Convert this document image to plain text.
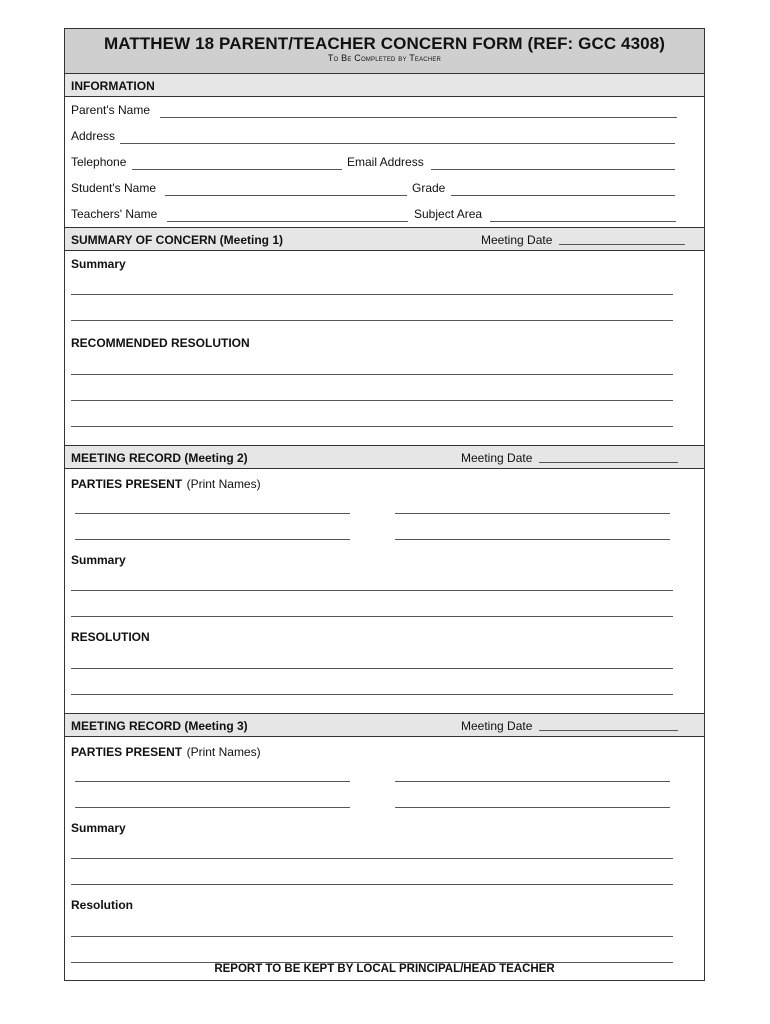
MATTHEW 18 PARENT/TEACHER CONCERN FORM (REF: GCC 4308)
To Be Completed by Teacher
INFORMATION
Parent's Name
Address
Telephone	Email Address
Student's Name	Grade
Teachers' Name	Subject Area
SUMMARY OF CONCERN (Meeting 1)	Meeting Date
Summary
RECOMMENDED RESOLUTION
MEETING RECORD (Meeting 2)	Meeting Date
PARTIES PRESENT (Print Names)
Summary
RESOLUTION
MEETING RECORD (Meeting 3)	Meeting Date
PARTIES PRESENT (Print Names)
Summary
Resolution
REPORT TO BE KEPT BY LOCAL PRINCIPAL/HEAD TEACHER
